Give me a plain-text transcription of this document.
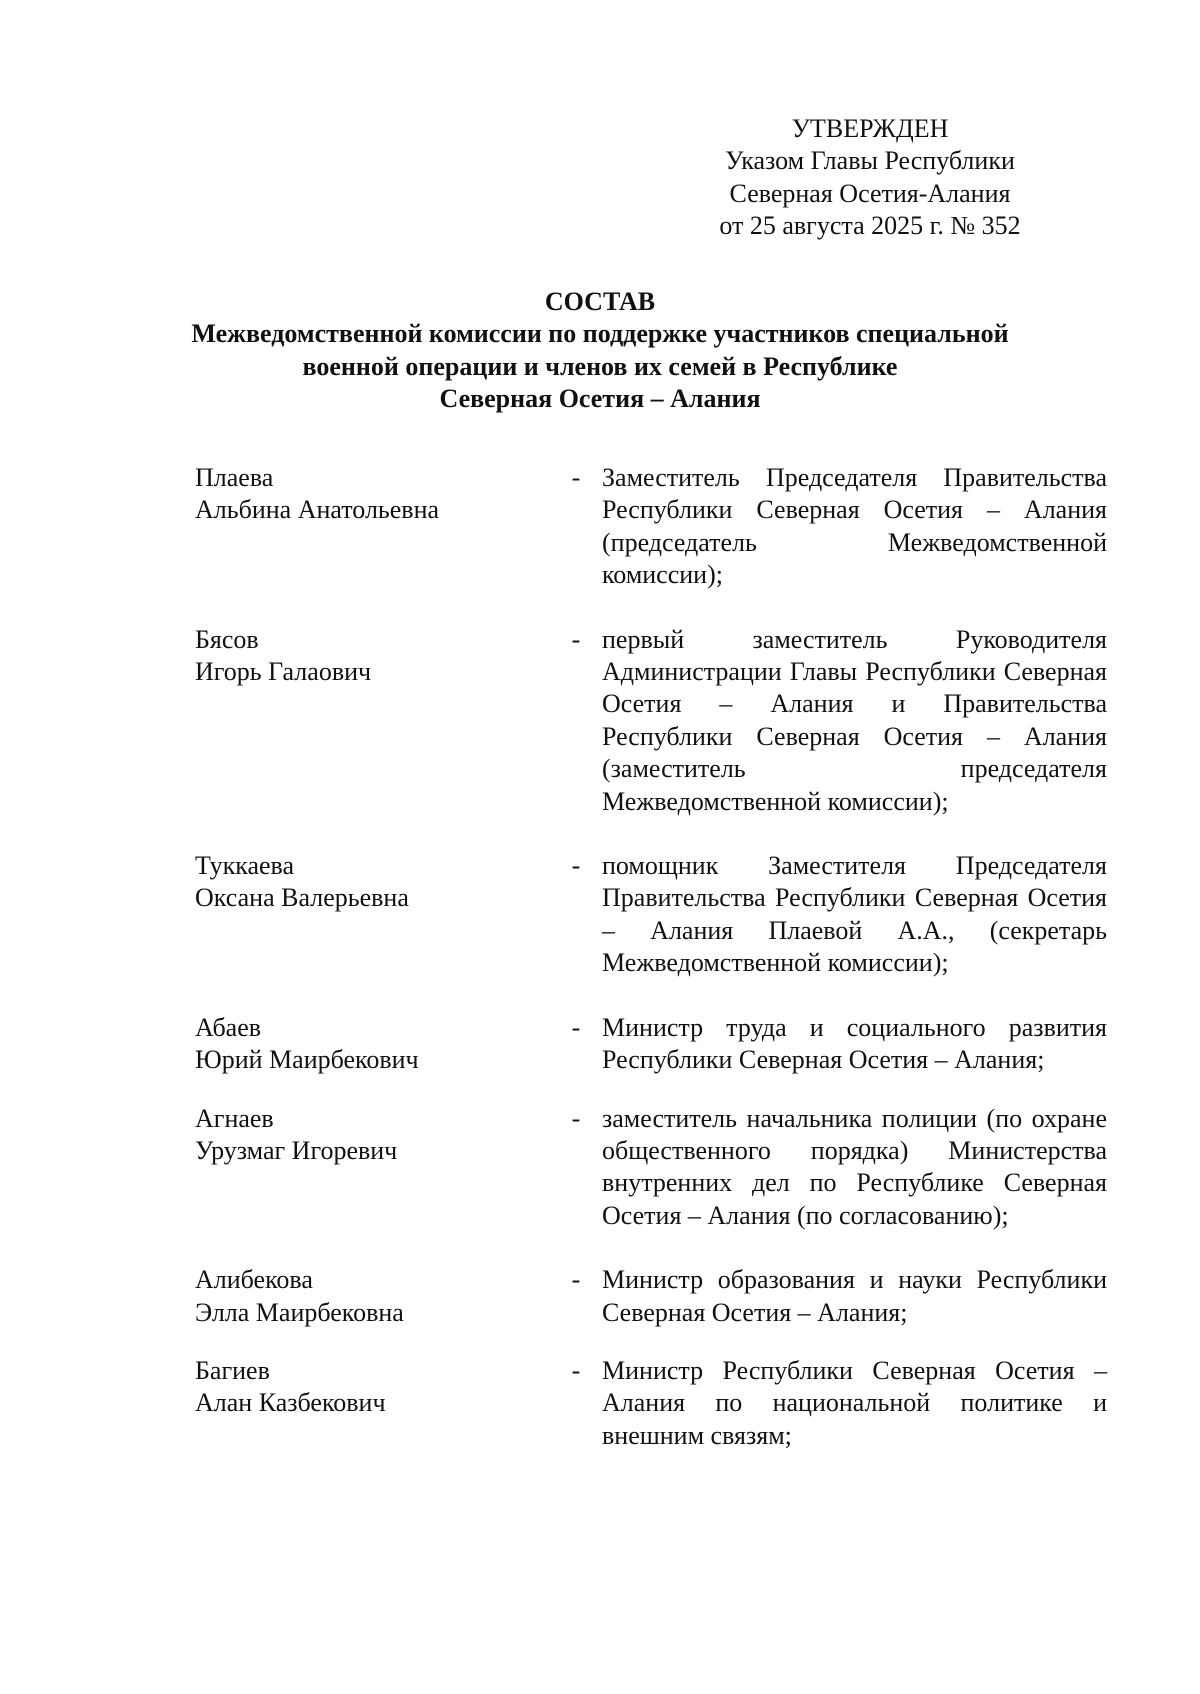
УТВЕРЖДЕН
Указом Главы Республики
Северная Осетия-Алания
от 25 августа 2025 г. № 352
СОСТАВ
Межведомственной комиссии по поддержке участников специальной
военной операции и членов их семей в Республике
Северная Осетия – Алания
Плаева
Альбина Анатольевна
- Заместитель Председателя Правительства Республики Северная Осетия – Алания (председатель Межведомственной комиссии);
Бясов
Игорь Галаович
- первый заместитель Руководителя Администрации Главы Республики Северная Осетия – Алания и Правительства Республики Северная Осетия – Алания (заместитель председателя Межведомственной комиссии);
Туккаева
Оксана Валерьевна
- помощник Заместителя Председателя Правительства Республики Северная Осетия – Алания Плаевой А.А., (секретарь Межведомственной комиссии);
Абаев
Юрий Маирбекович
- Министр труда и социального развития Республики Северная Осетия – Алания;
Агнаев
Урузмаг Игоревич
- заместитель начальника полиции (по охране общественного порядка) Министерства внутренних дел по Республике Северная Осетия – Алания (по согласованию);
Алибекова
Элла Маирбековна
- Министр образования и науки Республики Северная Осетия – Алания;
Багиев
Алан Казбекович
- Министр Республики Северная Осетия – Алания по национальной политике и внешним связям;
